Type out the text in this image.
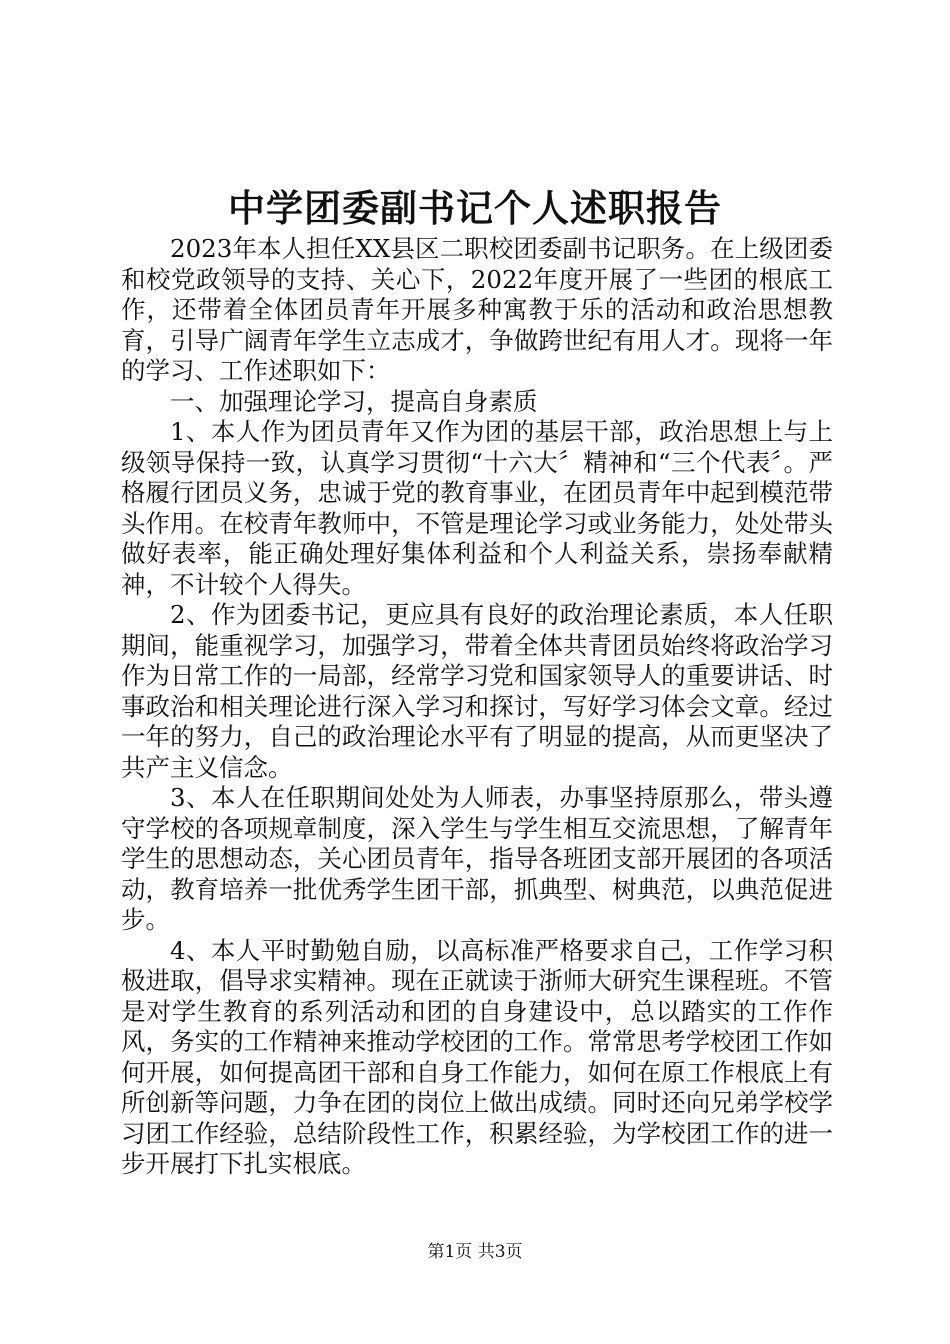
中学团委副书记个人述职报告

2023年本人担任XX县区二职校团委副书记职务。在上级团委和校党政领导的支持、关心下，2022年度开展了一些团的根底工作，还带着全体团员青年开展多种寓教于乐的活动和政治思想教育，引导广阔青年学生立志成才，争做跨世纪有用人才。现将一年的学习、工作述职如下：

一、加强理论学习，提高自身素质

1、本人作为团员青年又作为团的基层干部，政治思想上与上级领导保持一致，认真学习贯彻“十六大〞精神和“三个代表〞。严格履行团员义务，忠诚于党的教育事业，在团员青年中起到模范带头作用。在校青年教师中，不管是理论学习或业务能力，处处带头做好表率，能正确处理好集体利益和个人利益关系，崇扬奉献精神，不计较个人得失。

2、作为团委书记，更应具有良好的政治理论素质，本人任职期间，能重视学习，加强学习，带着全体共青团员始终将政治学习作为日常工作的一局部，经常学习党和国家领导人的重要讲话、时事政治和相关理论进行深入学习和探讨，写好学习体会文章。经过一年的努力，自己的政治理论水平有了明显的提高，从而更坚决了共产主义信念。

3、本人在任职期间处处为人师表，办事坚持原那么，带头遵守学校的各项规章制度，深入学生与学生相互交流思想，了解青年学生的思想动态，关心团员青年，指导各班团支部开展团的各项活动，教育培养一批优秀学生团干部，抓典型、树典范，以典范促进步。

4、本人平时勤勉自励，以高标准严格要求自己，工作学习积极进取，倡导求实精神。现在正就读于浙师大研究生课程班。不管是对学生教育的系列活动和团的自身建设中，总以踏实的工作作风，务实的工作精神来推动学校团的工作。常常思考学校团工作如何开展，如何提高团干部和自身工作能力，如何在原工作根底上有所创新等问题，力争在团的岗位上做出成绩。同时还向兄弟学校学习团工作经验，总结阶段性工作，积累经验，为学校团工作的进一步开展打下扎实根底。

第1页 共3页
